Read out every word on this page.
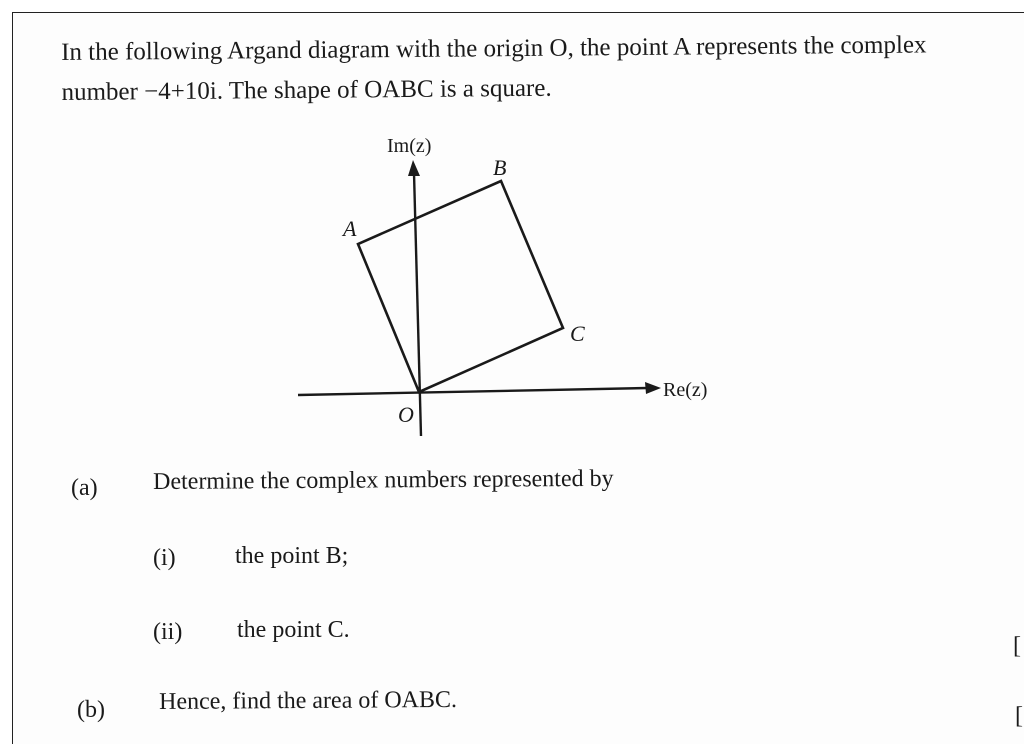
In the following Argand diagram with the origin O, the point A represents the complex

number −4+10i. The shape of OABC is a square.

Im(z)
Re(z)
O
A
B
C
(a) Determine the complex numbers represented by
(i) the point B;
(ii) the point C.
[
(b) Hence, find the area of OABC.
[
